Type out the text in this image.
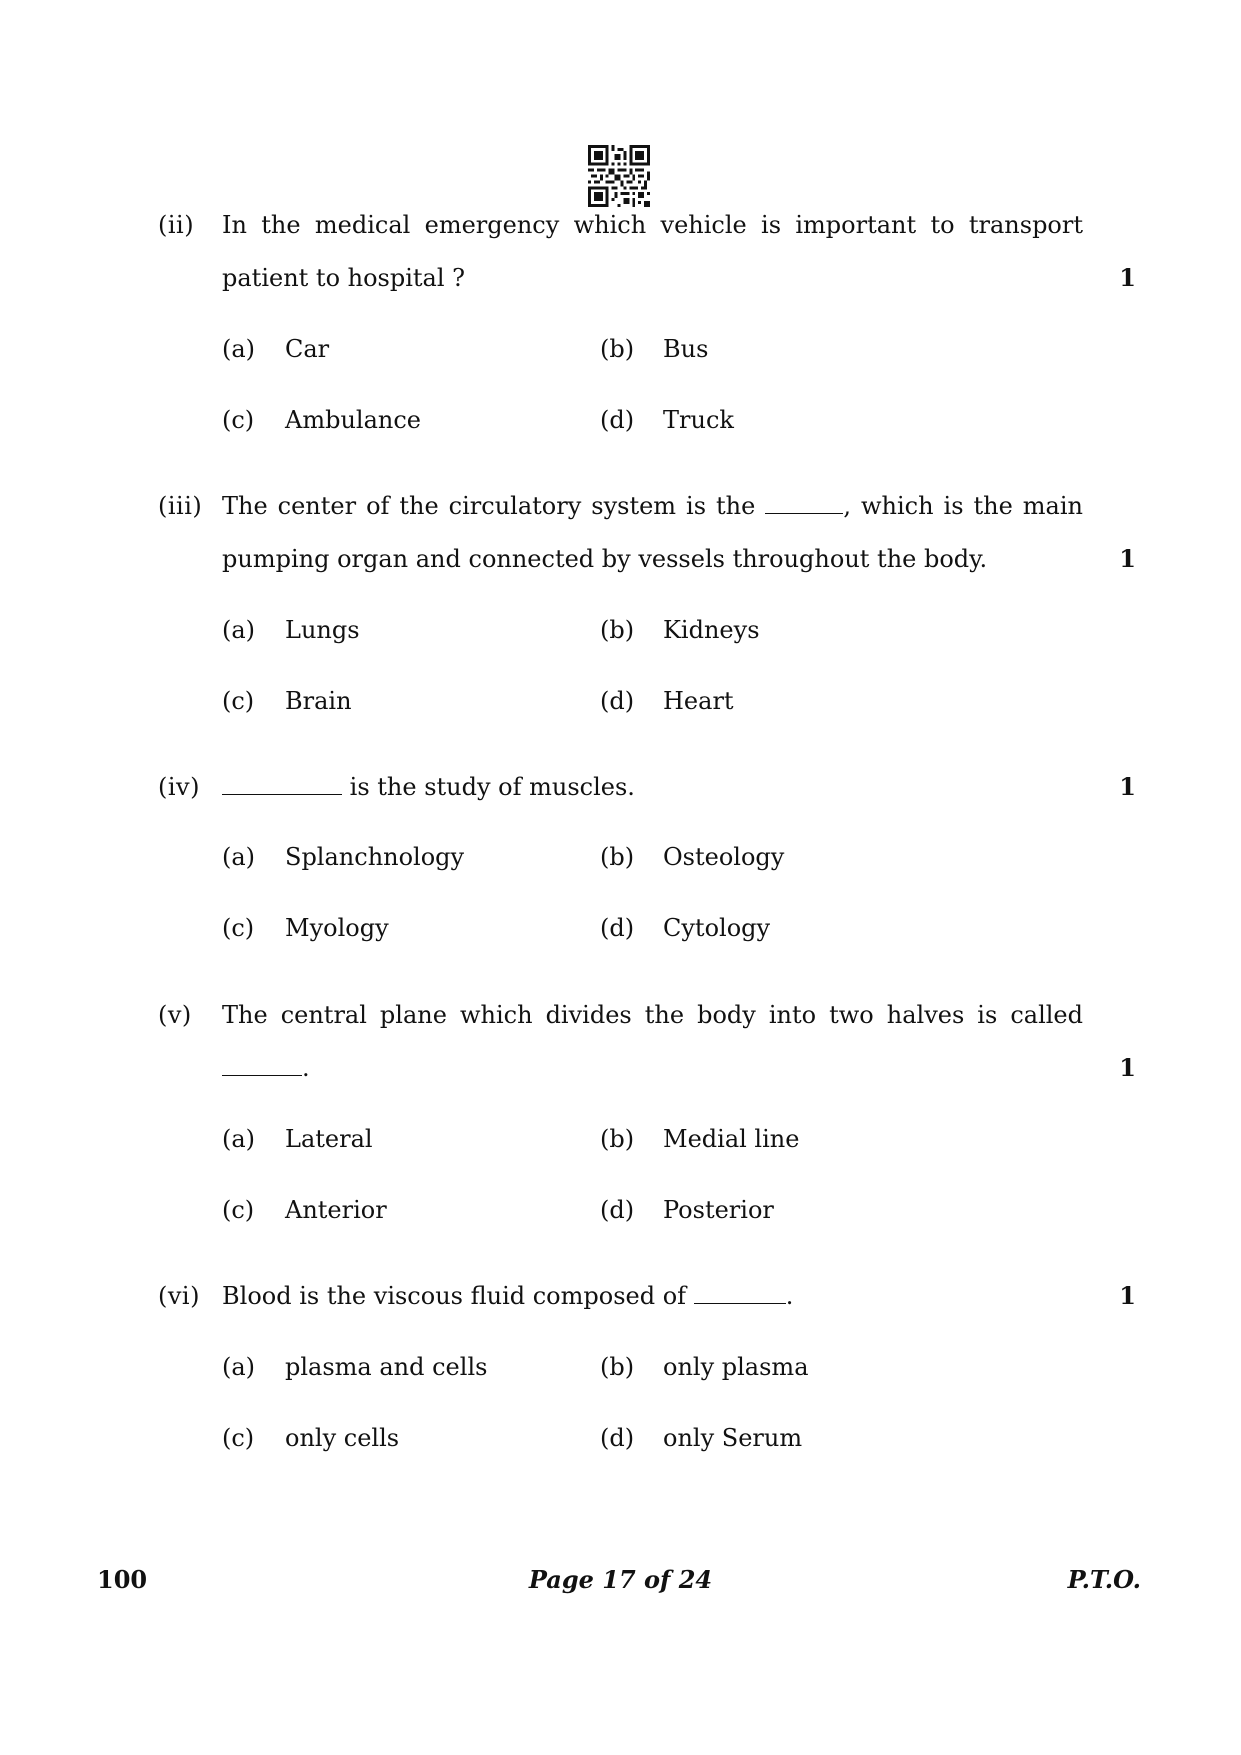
(ii) In the medical emergency which vehicle is important to transport
patient to hospital ?	1
(a) Car	(b) Bus
(c) Ambulance	(d) Truck
(iii) The center of the circulatory system is the	, which is the main
pumping organ and connected by vessels throughout the body.	1
(a) Lungs	(b) Kidneys
(c) Brain	(d) Heart
(iv)	is the study of muscles.	1
(a) Splanchnology	(b) Osteology
(c) Myology	(d) Cytology
(v) The central plane which divides the body into two halves is called
.	1
(a) Lateral	(b) Medial line
(c) Anterior	(d) Posterior
(vi) Blood is the viscous fluid composed of	.	1
(a) plasma and cells	(b) only plasma
(c) only cells	(d) only Serum
100	Page 17 of 24	P.T.O.
